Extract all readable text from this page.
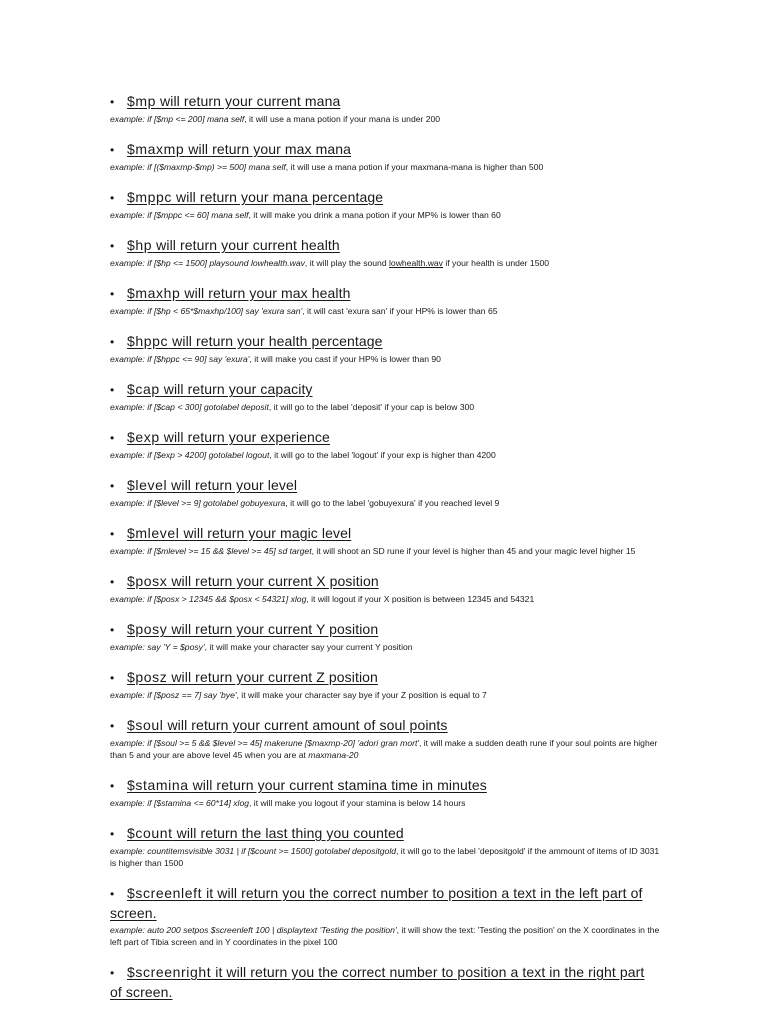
• $mp will return your current mana
example: if [$mp <= 200] mana self, it will use a mana potion if your mana is under 200
• $maxmp will return your max mana
example: if [($maxmp-$mp) >= 500] mana self, it will use a mana potion if your maxmana-mana is higher than 500
• $mppc will return your mana percentage
example: if [$mppc <= 60] mana self, it will make you drink a mana potion if your MP% is lower than 60
• $hp will return your current health
example: if [$hp <= 1500] playsound lowhealth.wav, it will play the sound lowhealth.wav if your health is under 1500
• $maxhp will return your max health
example: if [$hp < 65*$maxhp/100] say 'exura san', it will cast 'exura san' if your HP% is lower than 65
• $hppc will return your health percentage
example: if [$hppc <= 90] say 'exura', it will make you cast if your HP% is lower than 90
• $cap will return your capacity
example: if [$cap < 300] gotolabel deposit, it will go to the label 'deposit' if your cap is below 300
• $exp will return your experience
example: if [$exp > 4200] gotolabel logout, it will go to the label 'logout' if your exp is higher than 4200
• $level will return your level
example: if [$level >= 9] gotolabel gobuyexura, it will go to the label 'gobuyexura' if you reached level 9
• $mlevel will return your magic level
example: if [$mlevel >= 15 && $level >= 45] sd target, it will shoot an SD rune if your level is higher than 45 and your magic level higher 15
• $posx will return your current X position
example: if [$posx > 12345 && $posx < 54321] xlog, it will logout if your X position is between 12345 and 54321
• $posy will return your current Y position
example: say 'Y = $posy', it will make your character say your current Y position
• $posz will return your current Z position
example: if [$posz == 7] say 'bye', it will make your character say bye if your Z position is equal to 7
• $soul will return your current amount of soul points
example: if [$soul >= 5 && $level >= 45] makerune [$maxmp-20] 'adori gran mort', it will make a sudden death rune if your soul points are higher than 5 and your are above level 45 when you are at maxmana-20
• $stamina will return your current stamina time in minutes
example: if [$stamina <= 60*14] xlog, it will make you logout if your stamina is below 14 hours
• $count will return the last thing you counted
example: countitemsvisible 3031 | if [$count >= 1500] gotolabel depositgold, it will go to the label 'depositgold' if the ammount of items of ID 3031 is higher than 1500
• $screenleft it will return you the correct number to position a text in the left part of screen.
example: auto 200 setpos $screenleft 100 | displaytext 'Testing the position', it will show the text: 'Testing the position' on the X coordinates in the left part of Tibia screen and in Y coordinates in the pixel 100
• $screenright it will return you the correct number to position a text in the right part of screen.
